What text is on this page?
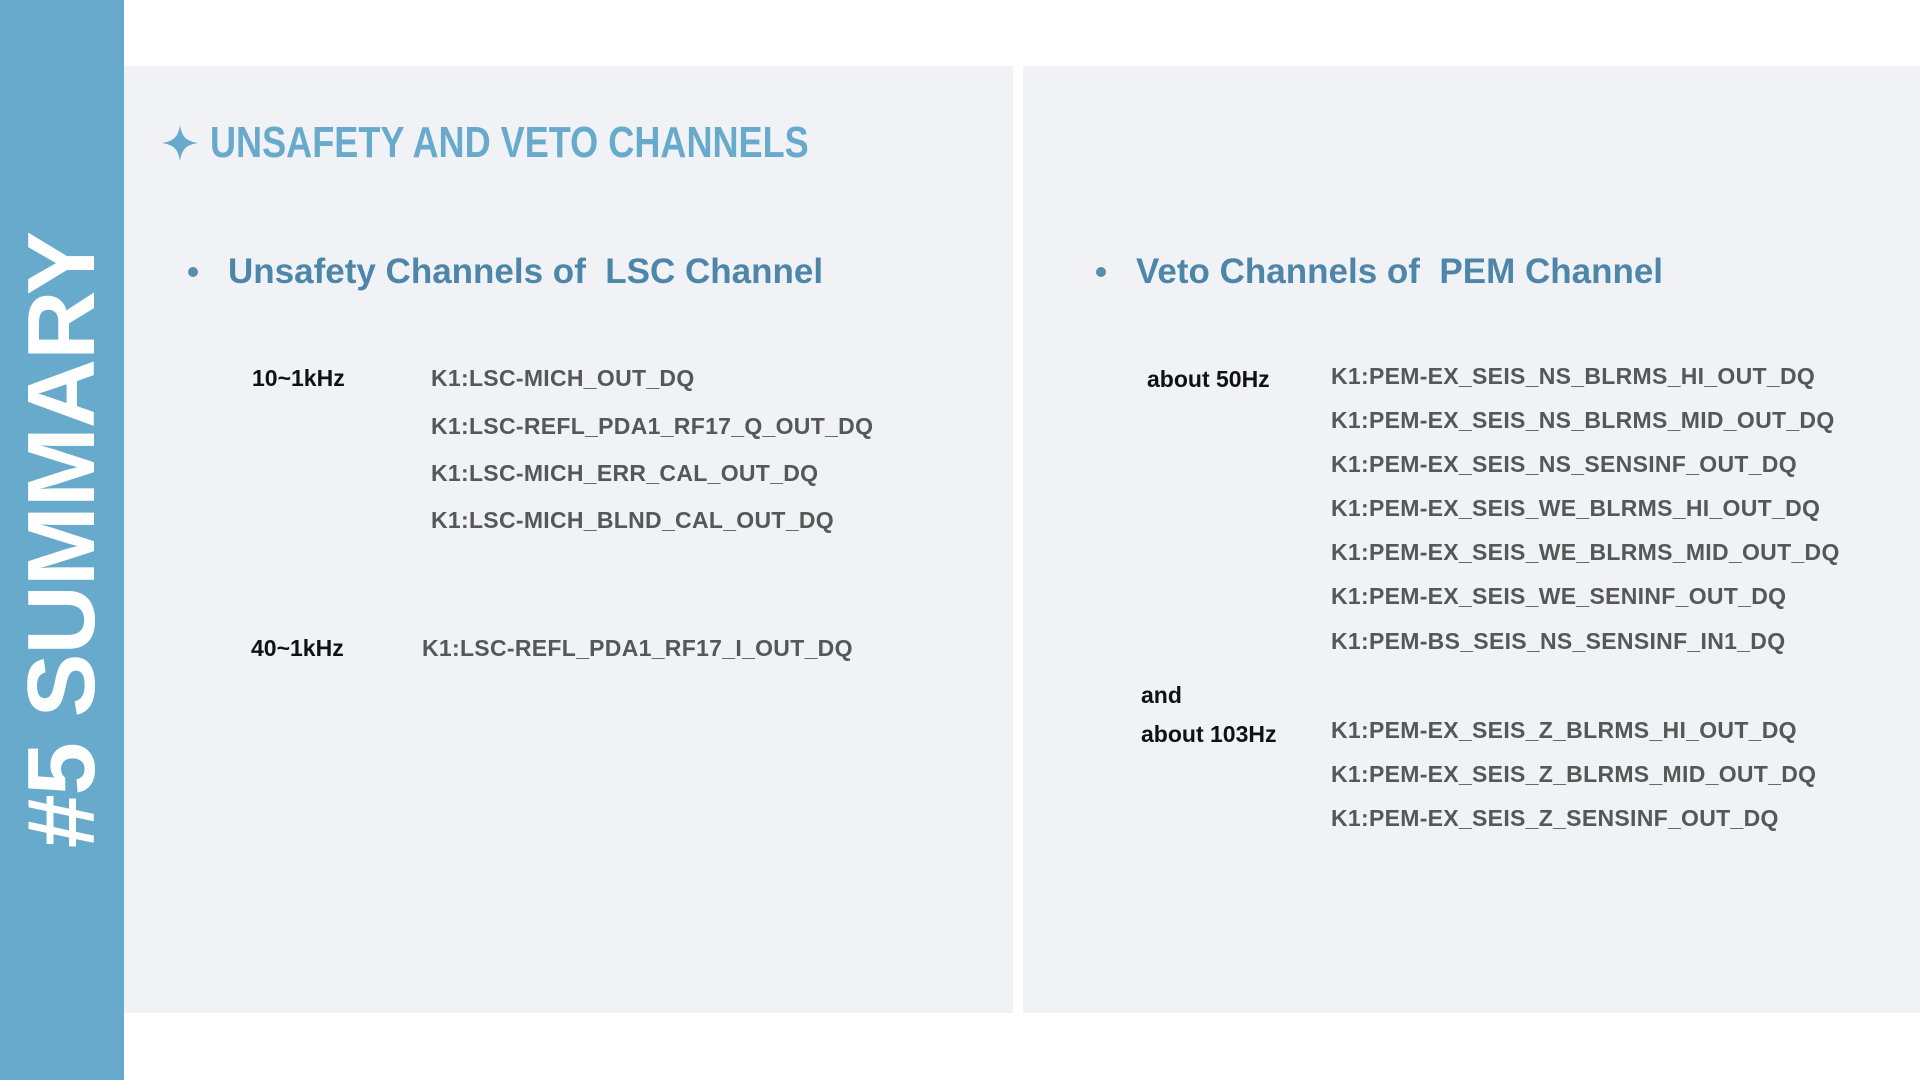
#5 SUMMARY
UNSAFETY AND VETO CHANNELS
Unsafety Channels of  LSC Channel
10~1kHz	K1:LSC-MICH_OUT_DQ
K1:LSC-REFL_PDA1_RF17_Q_OUT_DQ
K1:LSC-MICH_ERR_CAL_OUT_DQ
K1:LSC-MICH_BLND_CAL_OUT_DQ
40~1kHz	K1:LSC-REFL_PDA1_RF17_I_OUT_DQ
Veto Channels of  PEM Channel
about 50Hz	K1:PEM-EX_SEIS_NS_BLRMS_HI_OUT_DQ
K1:PEM-EX_SEIS_NS_BLRMS_MID_OUT_DQ
K1:PEM-EX_SEIS_NS_SENSINF_OUT_DQ
K1:PEM-EX_SEIS_WE_BLRMS_HI_OUT_DQ
K1:PEM-EX_SEIS_WE_BLRMS_MID_OUT_DQ
K1:PEM-EX_SEIS_WE_SENINF_OUT_DQ
K1:PEM-BS_SEIS_NS_SENSINF_IN1_DQ
and
about 103Hz K1:PEM-EX_SEIS_Z_BLRMS_HI_OUT_DQ
K1:PEM-EX_SEIS_Z_BLRMS_MID_OUT_DQ
K1:PEM-EX_SEIS_Z_SENSINF_OUT_DQ
